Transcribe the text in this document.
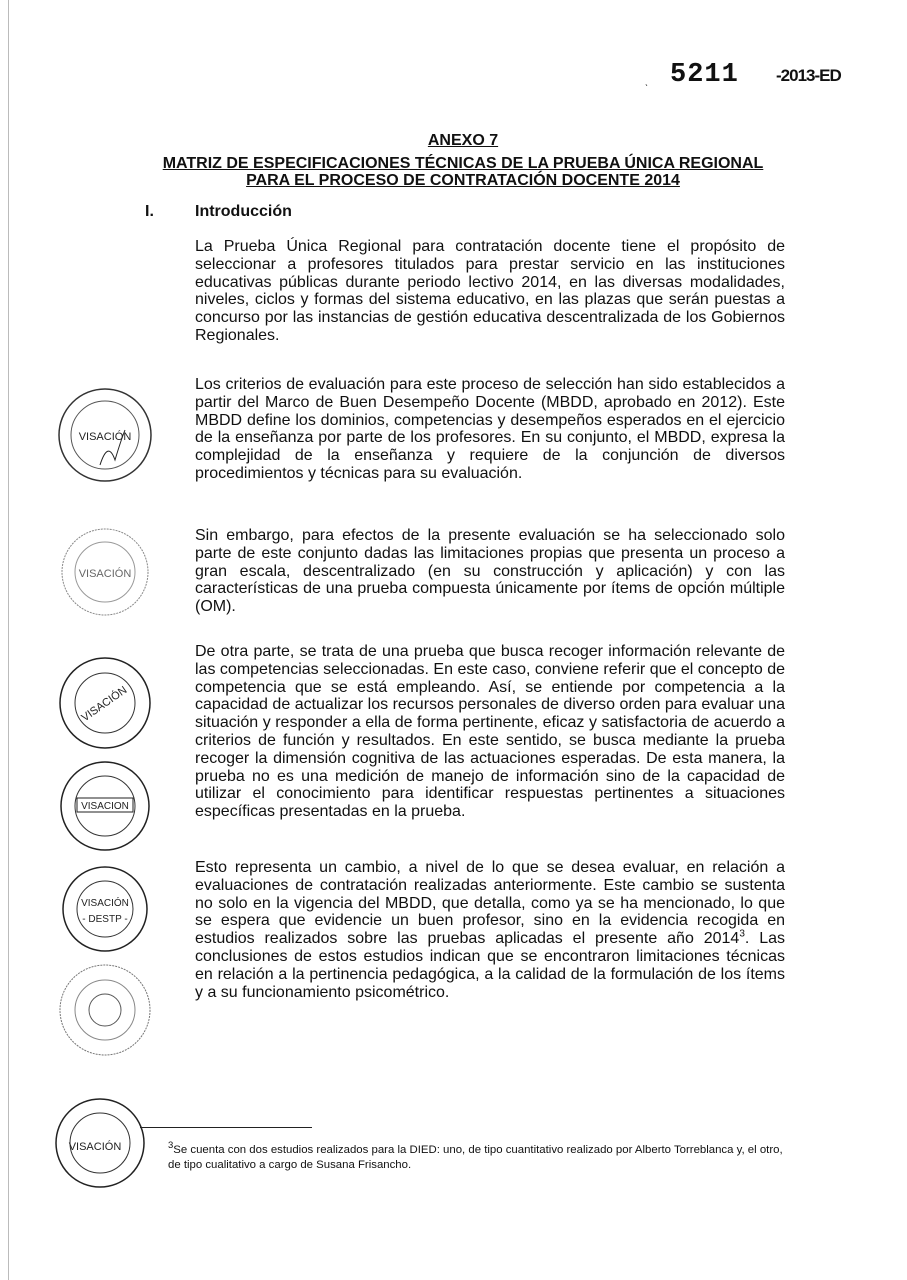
ˎ 5211 -2013-ED
ANEXO 7
MATRIZ DE ESPECIFICACIONES TÉCNICAS DE LA PRUEBA ÚNICA REGIONAL
PARA EL PROCESO DE CONTRATACIÓN DOCENTE 2014
I.	Introducción

La Prueba Única Regional para contratación docente tiene el propósito de seleccionar a profesores titulados para prestar servicio en las instituciones educativas públicas durante periodo lectivo 2014, en las diversas modalidades, niveles, ciclos y formas del sistema educativo, en las plazas que serán puestas a concurso por las instancias de gestión educativa descentralizada de los Gobiernos Regionales.

Los criterios de evaluación para este proceso de selección han sido establecidos a partir del Marco de Buen Desempeño Docente (MBDD, aprobado en 2012). Este MBDD define los dominios, competencias y desempeños esperados en el ejercicio de la enseñanza por parte de los profesores. En su conjunto, el MBDD, expresa la complejidad de la enseñanza y requiere de la conjunción de diversos procedimientos y técnicas para su evaluación.

Sin embargo, para efectos de la presente evaluación se ha seleccionado solo parte de este conjunto dadas las limitaciones propias que presenta un proceso a gran escala, descentralizado (en su construcción y aplicación) y con las características de una prueba compuesta únicamente por ítems de opción múltiple (OM).

De otra parte, se trata de una prueba que busca recoger información relevante de las competencias seleccionadas. En este caso, conviene referir que el concepto de competencia que se está empleando. Así, se entiende por competencia a la capacidad de actualizar los recursos personales de diverso orden para evaluar una situación y responder a ella de forma pertinente, eficaz y satisfactoria de acuerdo a criterios de función y resultados. En este sentido, se busca mediante la prueba recoger la dimensión cognitiva de las actuaciones esperadas. De esta manera, la prueba no es una medición de manejo de información sino de la capacidad de utilizar el conocimiento para identificar respuestas pertinentes a situaciones específicas presentadas en la prueba.

Esto representa un cambio, a nivel de lo que se desea evaluar, en relación a evaluaciones de contratación realizadas anteriormente. Este cambio se sustenta no solo en la vigencia del MBDD, que detalla, como ya se ha mencionado, lo que se espera que evidencie un buen profesor, sino en la evidencia recogida en estudios realizados sobre las pruebas aplicadas el presente año 2014$^3$. Las conclusiones de estos estudios indican que se encontraron limitaciones técnicas en relación a la pertinencia pedagógica, a la calidad de la formulación de los ítems y a su funcionamiento psicométrico.

$^3$Se cuenta con dos estudios realizados para la DIED: uno, de tipo cuantitativo realizado por Alberto Torreblanca y, el otro, de tipo cualitativo a cargo de Susana Frisancho.

VISACIÓN
VISACIÓN
VISACIÓN
VISACION
VISACIÓN
- DESTP -
VISACIÓN
